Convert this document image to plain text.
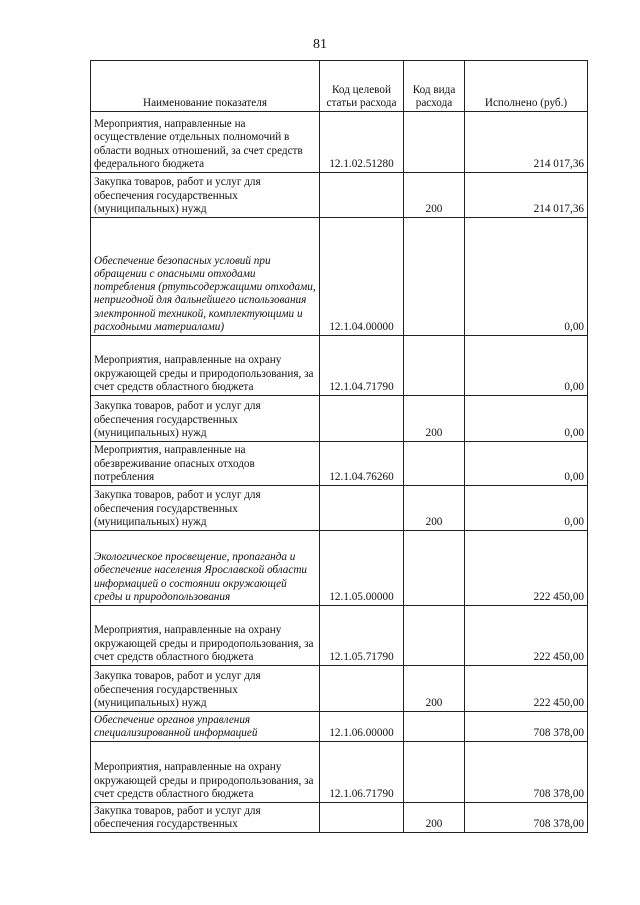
81
Наименование показателя	Код целевой статьи расхода	Код вида расхода	Исполнено (руб.)
Мероприятия, направленные на осуществление отдельных полномочий в области водных отношений, за счет средств федерального бюджета	12.1.02.51280		214 017,36
Закупка товаров, работ и услуг для обеспечения государственных (муниципальных) нужд		200	214 017,36
Обеспечение безопасных условий при обращении с опасными отходами потребления (ртутьсодержащими отходами, непригодной для дальнейшего использования электронной техникой, комплектующими и расходными материалами)	12.1.04.00000		0,00
Мероприятия, направленные на охрану окружающей среды и природопользования, за счет средств областного бюджета	12.1.04.71790		0,00
Закупка товаров, работ и услуг для обеспечения государственных (муниципальных) нужд		200	0,00
Мероприятия, направленные на обезвреживание опасных отходов потребления	12.1.04.76260		0,00
Закупка товаров, работ и услуг для обеспечения государственных (муниципальных) нужд		200	0,00
Экологическое просвещение, пропаганда и обеспечение населения Ярославской области информацией о состоянии окружающей среды и природопользования	12.1.05.00000		222 450,00
Мероприятия, направленные на охрану окружающей среды и природопользования, за счет средств областного бюджета	12.1.05.71790		222 450,00
Закупка товаров, работ и услуг для обеспечения государственных (муниципальных) нужд		200	222 450,00
Обеспечение органов управления специализированной информацией	12.1.06.00000		708 378,00
Мероприятия, направленные на охрану окружающей среды и природопользования, за счет средств областного бюджета	12.1.06.71790		708 378,00
Закупка товаров, работ и услуг для обеспечения государственных		200	708 378,00
